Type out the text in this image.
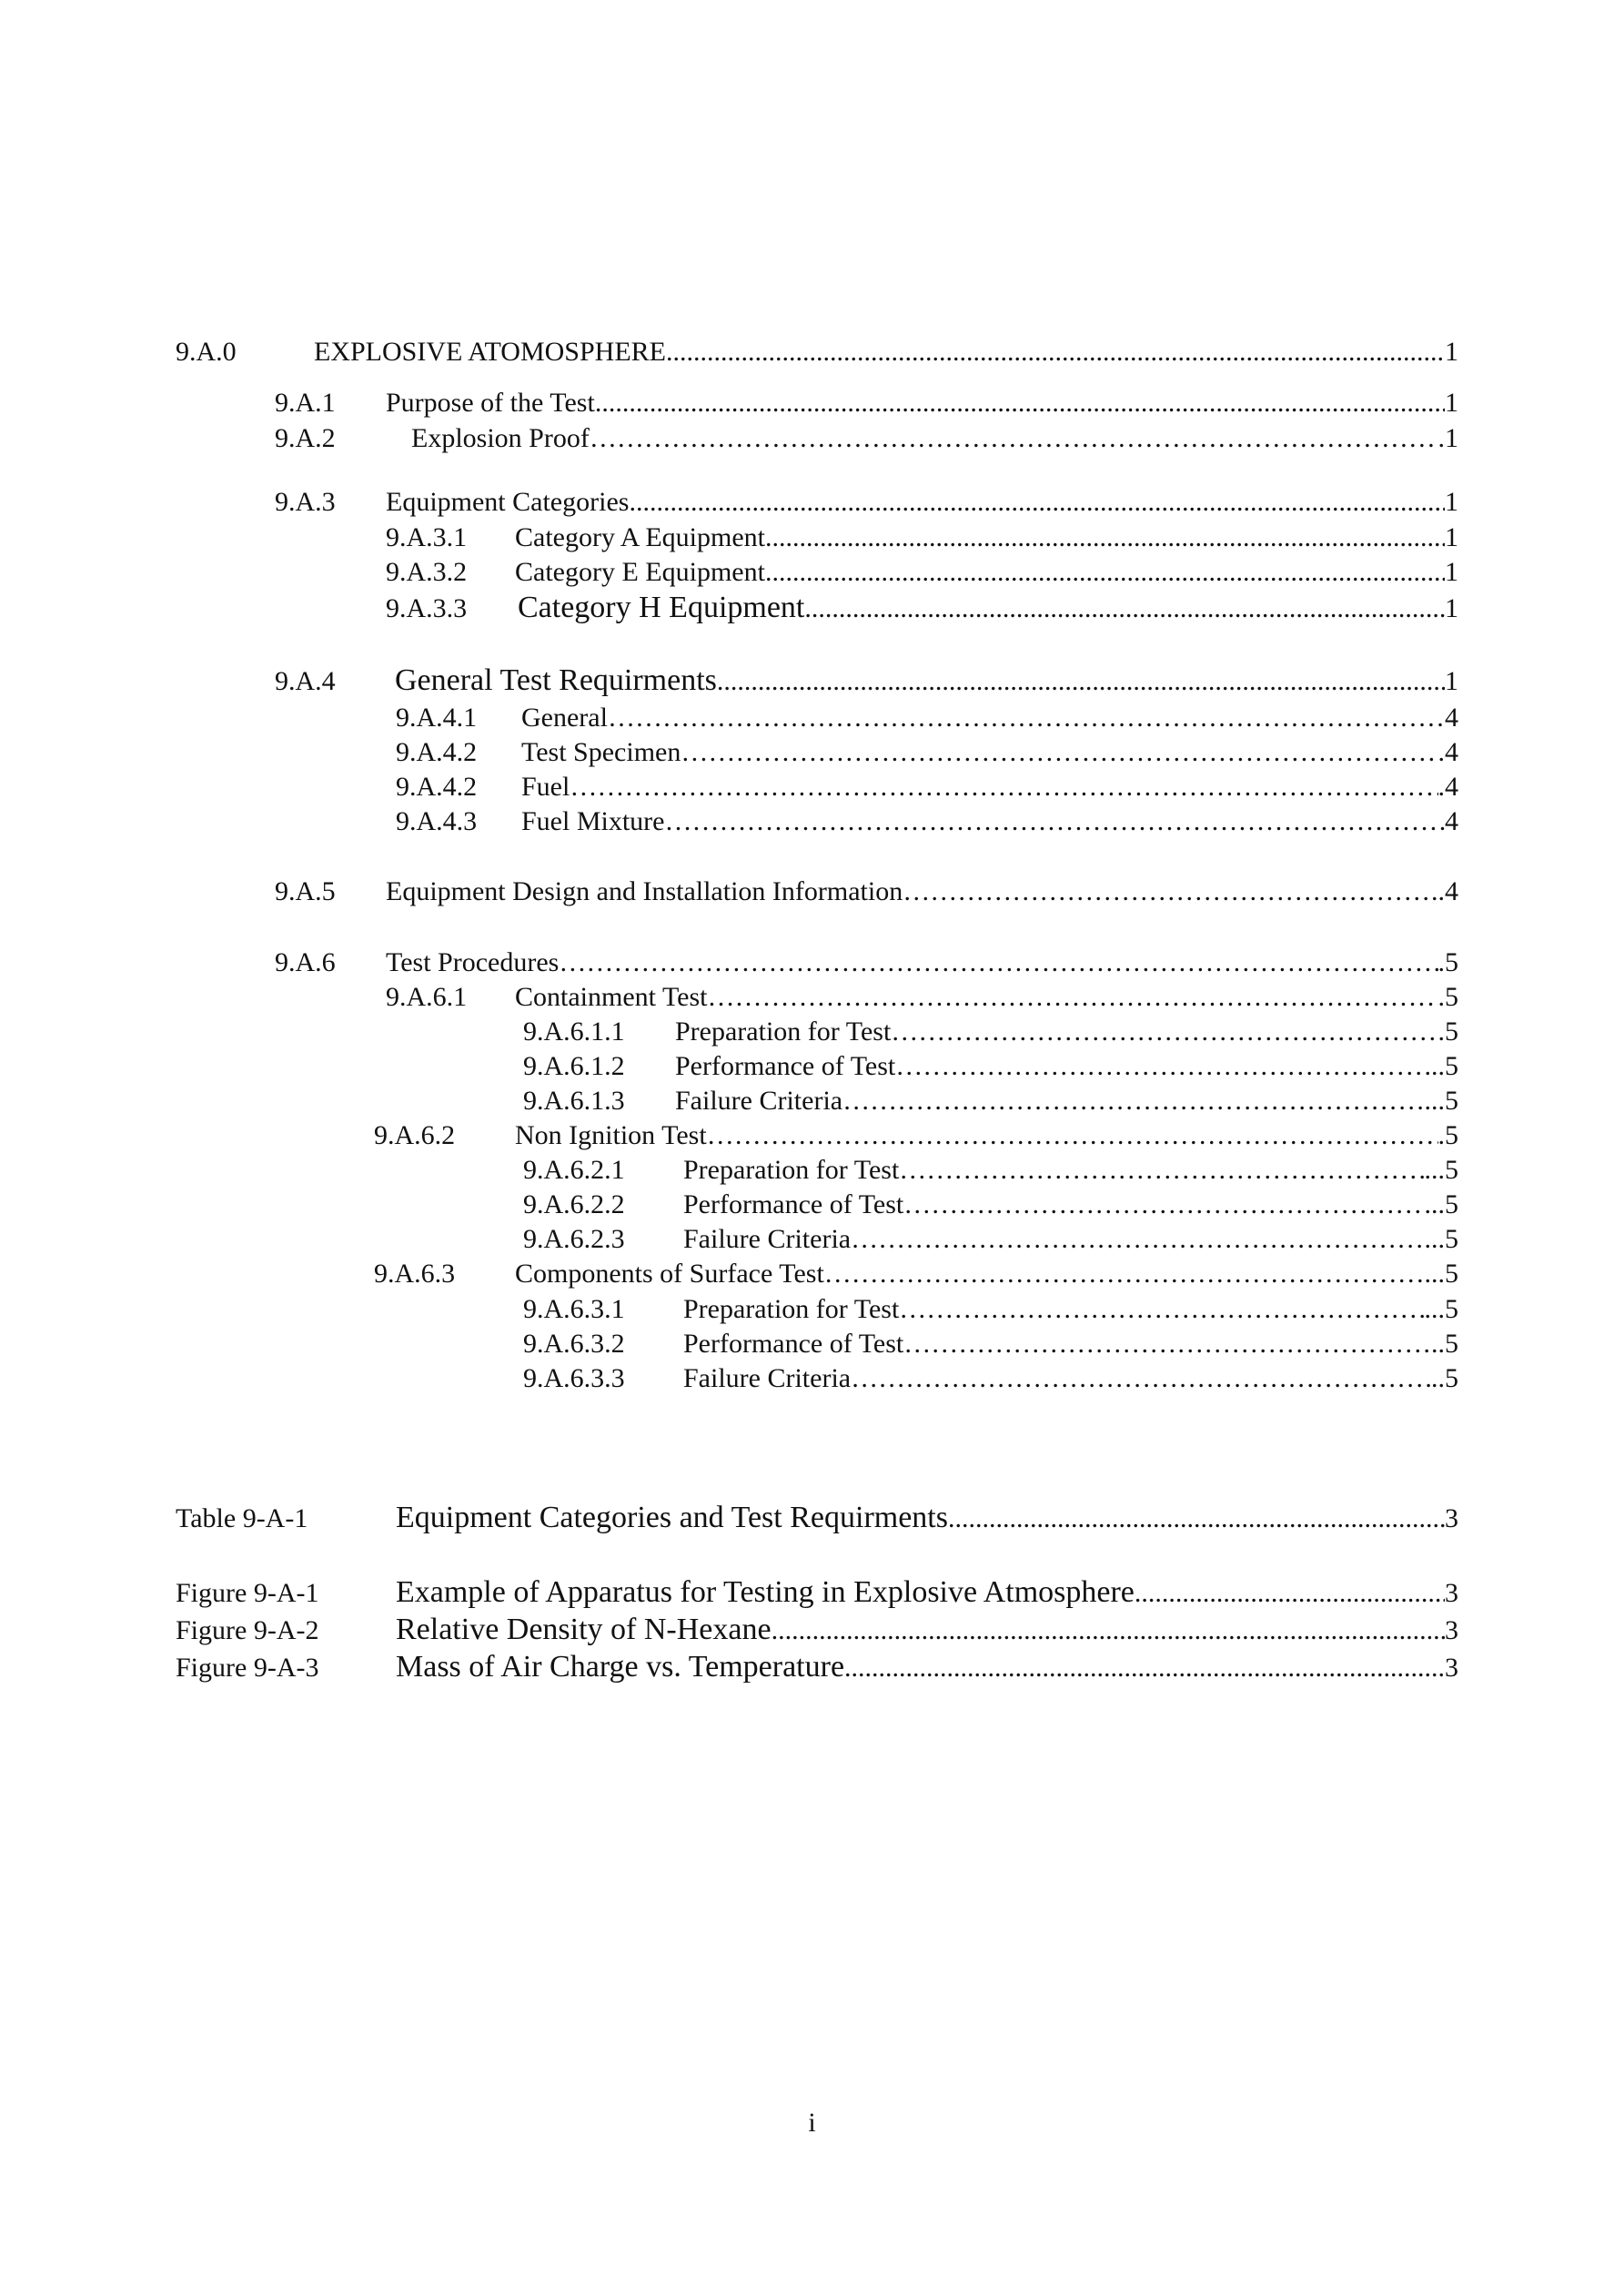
9.A.0	EXPLOSIVE ATOMOSPHERE .....	1
9.A.1	Purpose of the Test .....	1
9.A.2	Explosion Proof ………………………………………………………………………………………………………………………………………………………………………………………………………………………………………………………………	.1
9.A.3	Equipment Categories .....	1
9.A.3.1	Category A Equipment .....	1
9.A.3.2	Category E Equipment .....	1
9.A.3.3	Category H Equipment .....	1
9.A.4	General Test Requirments .....	1
9.A.4.1	General ………………………………………………………………………………………………………………………………………………………………………………………………………………………………………………………………	4
9.A.4.2	Test Specimen ………………………………………………………………………………………………………………………………………………………………………………………………………………………………………………………………	.4
9.A.4.2	Fuel ………………………………………………………………………………………………………………………………………………………………………………………………………………………………………………………………	.4
9.A.4.3	Fuel Mixture ………………………………………………………………………………………………………………………………………………………………………………………………………………………………………………………………	4
9.A.5	Equipment Design and Installation Information ………………………………………………………………………………………………………………………………………………………………………………………………………………………………………………………………	..4
9.A.6	Test Procedures ………………………………………………………………………………………………………………………………………………………………………………………………………………………………………………………………	.5
9.A.6.1	Containment Test ………………………………………………………………………………………………………………………………………………………………………………………………………………………………………………………………	.5
9.A.6.1.1	Preparation for Test ………………………………………………………………………………………………………………………………………………………………………………………………………………………………………………………………	.5
9.A.6.1.2	Performance of Test ………………………………………………………………………………………………………………………………………………………………………………………………………………………………………………………………	...5
9.A.6.1.3	Failure Criteria ………………………………………………………………………………………………………………………………………………………………………………………………………………………………………………………………	...5
9.A.6.2	Non Ignition Test ………………………………………………………………………………………………………………………………………………………………………………………………………………………………………………………………	.5
9.A.6.2.1	Preparation for Test ………………………………………………………………………………………………………………………………………………………………………………………………………………………………………………………………	...5
9.A.6.2.2	Performance of Test ………………………………………………………………………………………………………………………………………………………………………………………………………………………………………………………………	...5
9.A.6.2.3	Failure Criteria ………………………………………………………………………………………………………………………………………………………………………………………………………………………………………………………………	...5
9.A.6.3	Components of Surface Test ………………………………………………………………………………………………………………………………………………………………………………………………………………………………………………………………	...5
9.A.6.3.1	Preparation for Test ………………………………………………………………………………………………………………………………………………………………………………………………………………………………………………………………	...5
9.A.6.3.2	Performance of Test ………………………………………………………………………………………………………………………………………………………………………………………………………………………………………………………………	..5
9.A.6.3.3	Failure Criteria ………………………………………………………………………………………………………………………………………………………………………………………………………………………………………………………………	..5
Table 9-A-1	Equipment Categories and Test Requirments .....	3
Figure 9-A-1	Example of Apparatus for Testing in Explosive Atmosphere .....	3
Figure 9-A-2	Relative Density of N-Hexane .....	3
Figure 9-A-3	Mass of Air Charge vs. Temperature .....	3
i
